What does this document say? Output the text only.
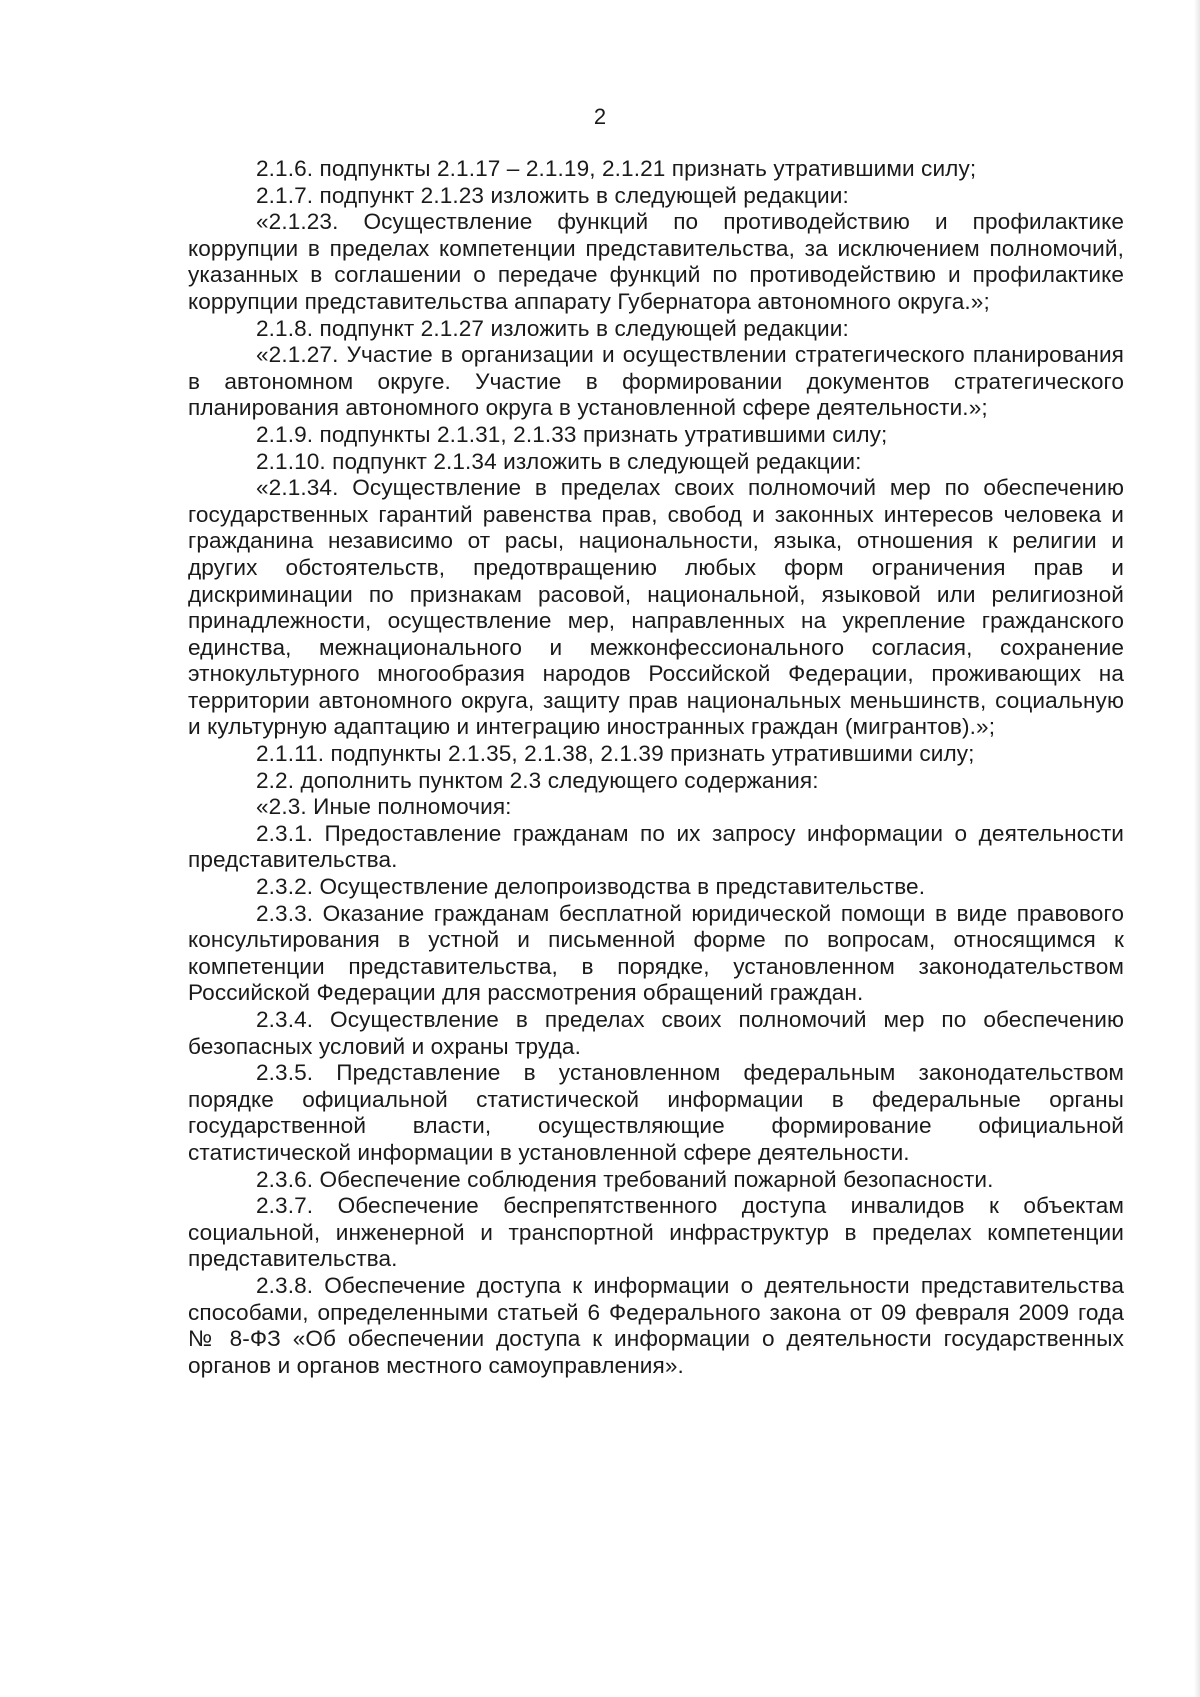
2

2.1.6. подпункты 2.1.17 – 2.1.19, 2.1.21 признать утратившими силу;

2.1.7. подпункт 2.1.23 изложить в следующей редакции:

«2.1.23. Осуществление функций по противодействию и профилактике коррупции в пределах компетенции представительства, за исключением полномочий, указанных в соглашении о передаче функций по противодействию и профилактике коррупции представительства аппарату Губернатора автономного округа.»;

2.1.8. подпункт 2.1.27 изложить в следующей редакции:

«2.1.27. Участие в организации и осуществлении стратегического планирования в автономном округе. Участие в формировании документов стратегического планирования автономного округа в установленной сфере деятельности.»;

2.1.9. подпункты 2.1.31, 2.1.33 признать утратившими силу;

2.1.10. подпункт 2.1.34 изложить в следующей редакции:

«2.1.34. Осуществление в пределах своих полномочий мер по обеспечению государственных гарантий равенства прав, свобод и законных интересов человека и гражданина независимо от расы, национальности, языка, отношения к религии и других обстоятельств, предотвращению любых форм ограничения прав и дискриминации по признакам расовой, национальной, языковой или религиозной принадлежности, осуществление мер, направленных на укрепление гражданского единства, межнационального и межконфессионального согласия, сохранение этнокультурного многообразия народов Российской Федерации, проживающих на территории автономного округа, защиту прав национальных меньшинств, социальную и культурную адаптацию и интеграцию иностранных граждан (мигрантов).»;

2.1.11. подпункты 2.1.35, 2.1.38, 2.1.39 признать утратившими силу;

2.2. дополнить пунктом 2.3 следующего содержания:

«2.3. Иные полномочия:

2.3.1. Предоставление гражданам по их запросу информации о деятельности представительства.

2.3.2. Осуществление делопроизводства в представительстве.

2.3.3. Оказание гражданам бесплатной юридической помощи в виде правового консультирования в устной и письменной форме по вопросам, относящимся к компетенции представительства, в порядке, установленном законодательством Российской Федерации для рассмотрения обращений граждан.

2.3.4. Осуществление в пределах своих полномочий мер по обеспечению безопасных условий и охраны труда.

2.3.5. Представление в установленном федеральным законодательством порядке официальной статистической информации в федеральные органы государственной власти, осуществляющие формирование официальной статистической информации в установленной сфере деятельности.

2.3.6. Обеспечение соблюдения требований пожарной безопасности.

2.3.7. Обеспечение беспрепятственного доступа инвалидов к объектам социальной, инженерной и транспортной инфраструктур в пределах компетенции представительства.

2.3.8. Обеспечение доступа к информации о деятельности представительства способами, определенными статьей 6 Федерального закона от 09 февраля 2009 года № 8-ФЗ «Об обеспечении доступа к информации о деятельности государственных органов и органов местного самоуправления».
